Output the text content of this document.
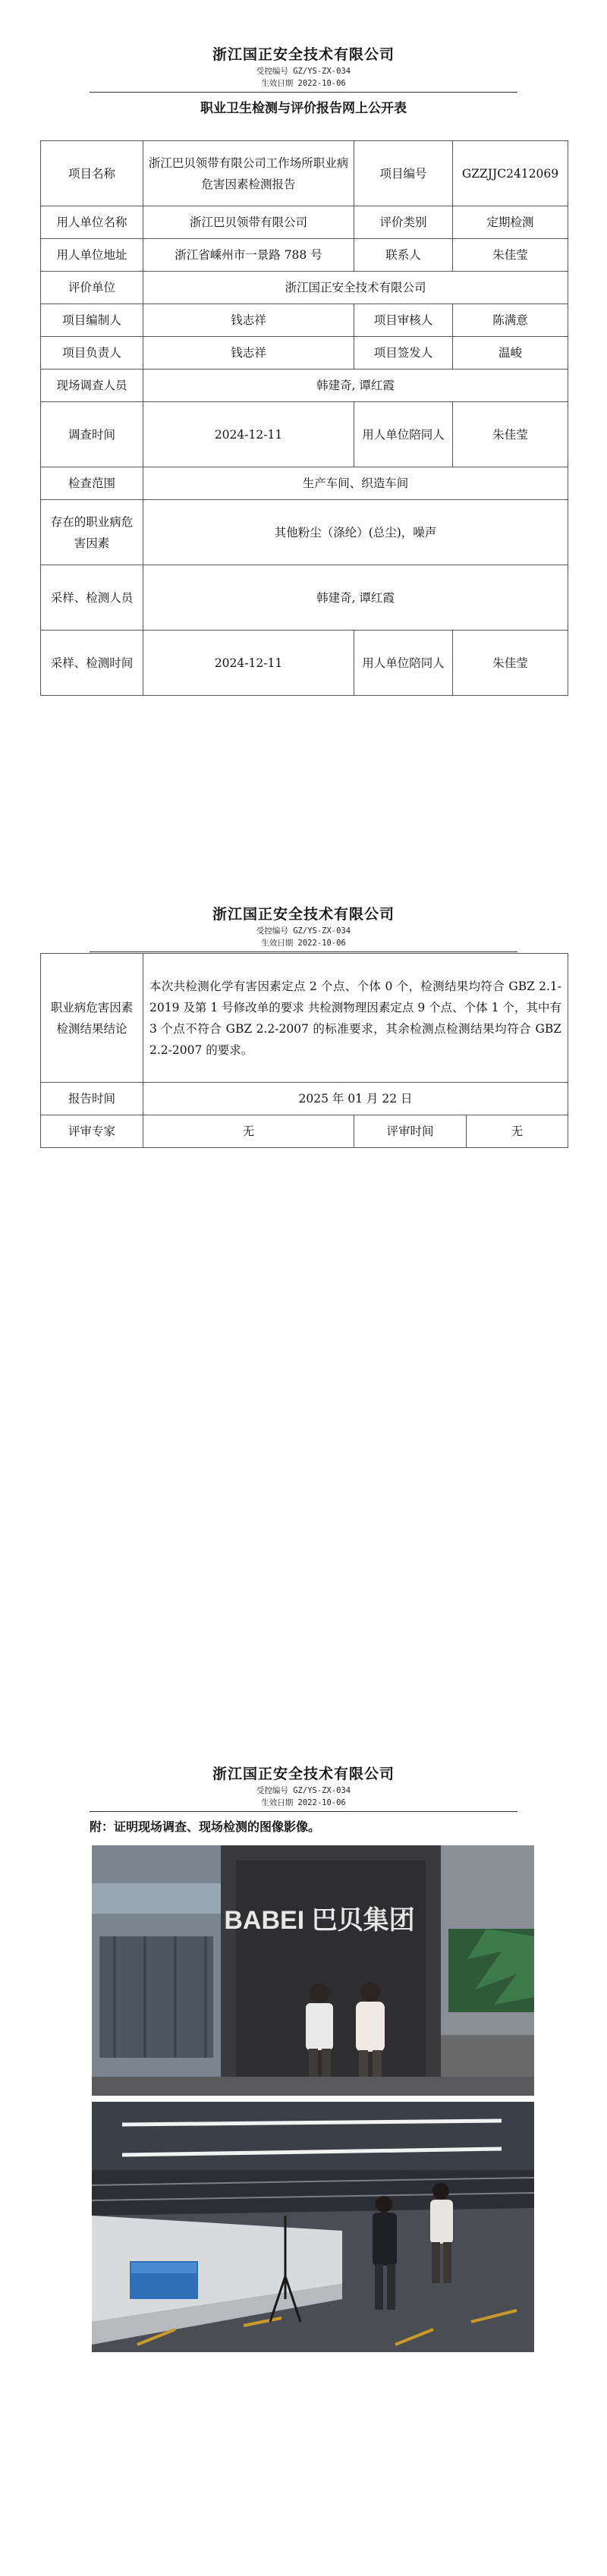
浙江国正安全技术有限公司
受控编号 GZ/YS-ZX-034
生效日期 2022-10-06
职业卫生检测与评价报告网上公开表
项目名称	浙江巴贝领带有限公司工作场所职业病危害因素检测报告	项目编号	GZZJJC2412069
用人单位名称	浙江巴贝领带有限公司	评价类别	定期检测
用人单位地址	浙江省嵊州市一景路 788 号	联系人	朱佳莹
评价单位	浙江国正安全技术有限公司		
项目编制人	钱志祥	项目审核人	陈满意
项目负责人	钱志祥	项目签发人	温峻
现场调查人员	韩建奇, 谭红霞		
调查时间	2024-12-11	用人单位陪同人	朱佳莹
检查范围	生产车间、织造车间		
存在的职业病危害因素	其他粉尘（涤纶）(总尘)，噪声		
采样、检测人员	韩建奇, 谭红霞		
采样、检测时间	2024-12-11	用人单位陪同人	朱佳莹
浙江国正安全技术有限公司
受控编号 GZ/YS-ZX-034
生效日期 2022-10-06
职业病危害因素检测结果结论	本次共检测化学有害因素定点 2 个点、个体 0 个，检测结果均符合 GBZ 2.1-2019 及第 1 号修改单的要求 共检测物理因素定点 9 个点、个体 1 个，其中有 3 个点不符合 GBZ 2.2-2007 的标准要求，其余检测点检测结果均符合 GBZ 2.2-2007 的要求。		
报告时间	2025 年 01 月 22 日		
评审专家	无	评审时间	无
浙江国正安全技术有限公司
受控编号 GZ/YS-ZX-034
生效日期 2022-10-06
附：证明现场调查、现场检测的图像影像。
BABEI 巴贝集团
